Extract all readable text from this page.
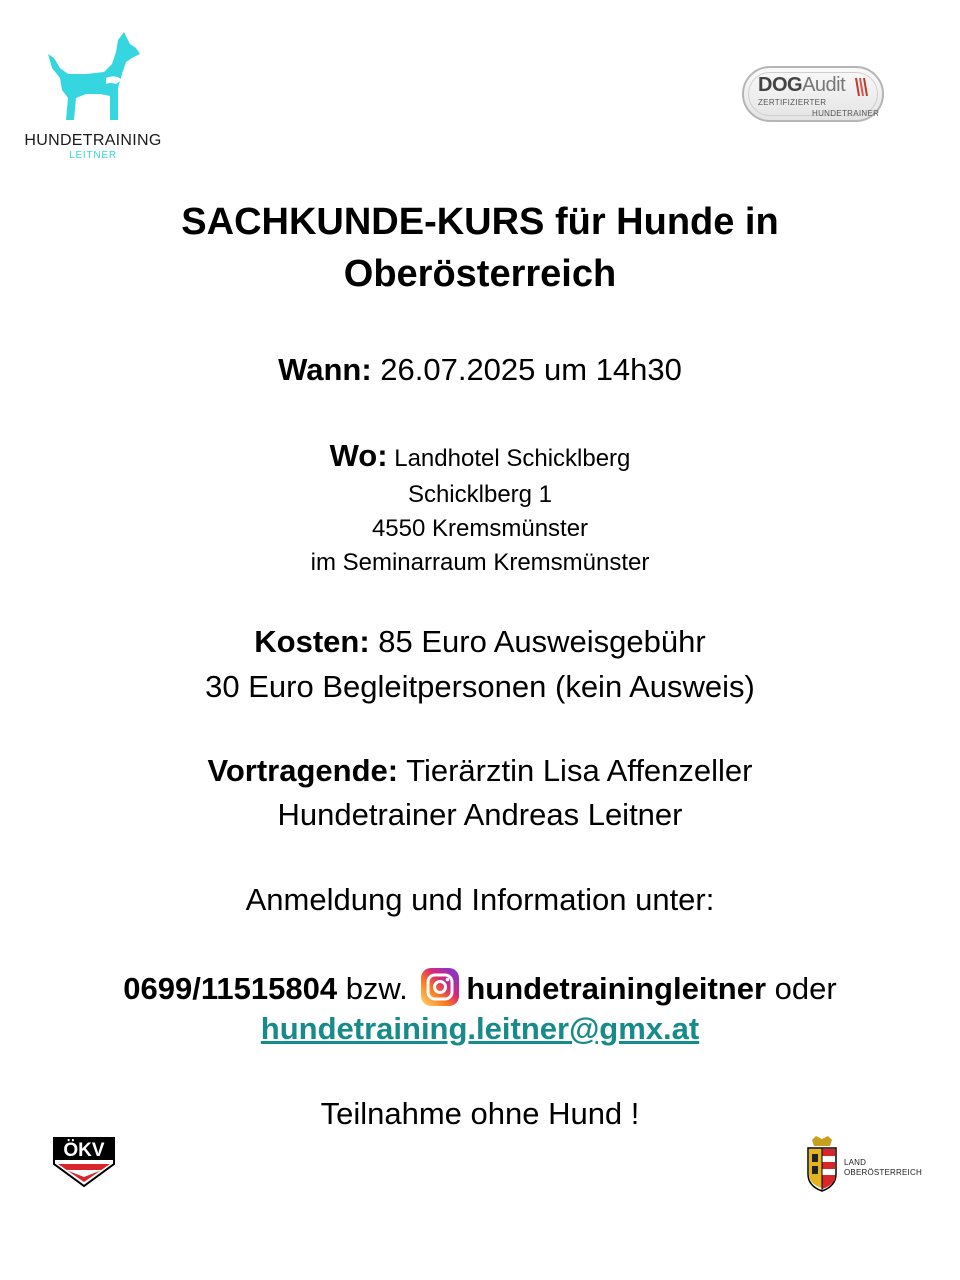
HUNDETRAINING
LEITNER
DOGAudit
ZERTIFIZIERTER
HUNDETRAINER
SACHKUNDE-KURS für Hunde in
Oberösterreich
Wann: 26.07.2025 um 14h30
Wo: Landhotel Schicklberg
Schicklberg 1
4550 Kremsmünster
im Seminarraum Kremsmünster
Kosten: 85 Euro Ausweisgebühr
30 Euro Begleitpersonen (kein Ausweis)
Vortragende: Tierärztin Lisa Affenzeller
Hundetrainer Andreas Leitner
Anmeldung und Information unter:
0699/11515804 bzw. hundetrainingleitner oder
hundetraining.leitner@gmx.at
Teilnahme ohne Hund !
ÖKV
LAND
OBERÖSTERREICH
